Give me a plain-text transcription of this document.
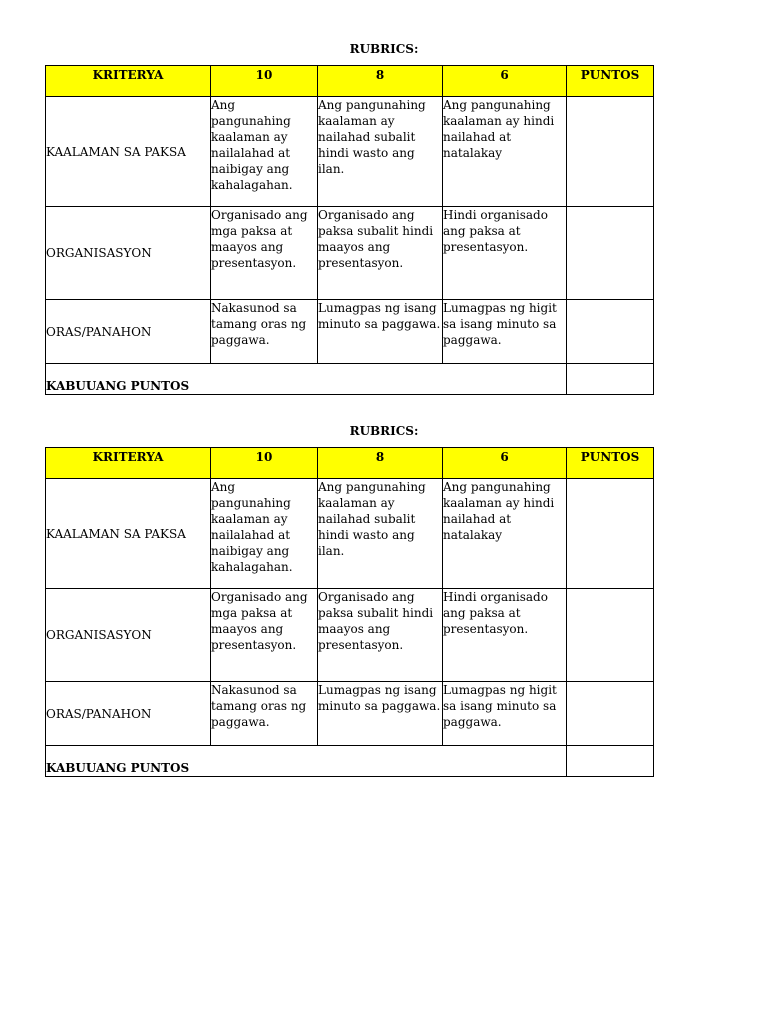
RUBRICS:
KRITERYA	10	8	6	PUNTOS
KAALAMAN SA PAKSA	Ang pangunahing kaalaman ay nailalahad at naibigay ang kahalagahan.	Ang pangunahing kaalaman ay nailahad subalit hindi wasto ang ilan.	Ang pangunahing kaalaman ay hindi nailahad at natalakay	
ORGANISASYON	Organisado ang mga paksa at maayos ang presentasyon.	Organisado ang paksa subalit hindi maayos ang presentasyon.	Hindi organisado ang paksa at presentasyon.	
ORAS/PANAHON	Nakasunod sa tamang oras ng paggawa.	Lumagpas ng isang minuto sa paggawa.	Lumagpas ng higit sa isang minuto sa paggawa.	
KABUUANG PUNTOS				
RUBRICS:
KRITERYA	10	8	6	PUNTOS
KAALAMAN SA PAKSA	Ang pangunahing kaalaman ay nailalahad at naibigay ang kahalagahan.	Ang pangunahing kaalaman ay nailahad subalit hindi wasto ang ilan.	Ang pangunahing kaalaman ay hindi nailahad at natalakay	
ORGANISASYON	Organisado ang mga paksa at maayos ang presentasyon.	Organisado ang paksa subalit hindi maayos ang presentasyon.	Hindi organisado ang paksa at presentasyon.	
ORAS/PANAHON	Nakasunod sa tamang oras ng paggawa.	Lumagpas ng isang minuto sa paggawa.	Lumagpas ng higit sa isang minuto sa paggawa.	
KABUUANG PUNTOS				
